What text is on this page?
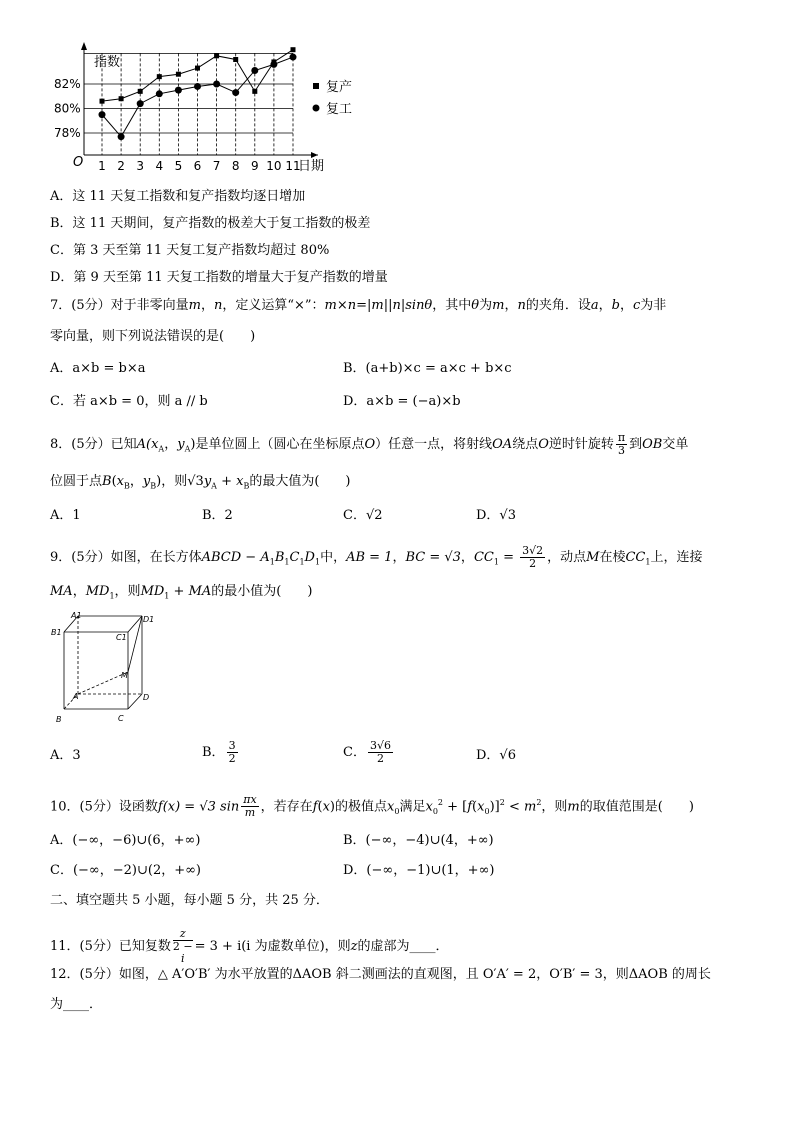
指数
O	日期
82%
80%
78%
1 2 3 4 5 6 7 8 9 10 11
复产
复工
A．这 11 天复工指数和复产指数均逐日增加
B．这 11 天期间，复产指数的极差大于复工指数的极差
C．第 3 天至第 11 天复工复产指数均超过 80%
D．第 9 天至第 11 天复工指数的增量大于复产指数的增量
7．(5分）对于非零向量m，n，定义运算“×”：m×n=|m||n|sinθ，其中θ为m，n的夹角．设a，b，c为非
零向量，则下列说法错误的是(　　)
A．a×b = b×a	B．(a+b)×c = a×c + b×c
C．若 a×b = 0，则 a // b	D．a×b = (−a)×b
8．(5分）已知$A(x_A$，$y_A$)是单位圆上（圆心在坐标原点O）任意一点，将射线OA绕点O逆时针旋转 $\frac{\pi}{3}$ 到OB交单
位圆于点$B(x_B$，$y_B$)，则$√3y_A + x_B$的最大值为(　　)
A．1	B．2	C．√2	D．√3
9．(5分）如图，在长方体ABCD − $A_1B_1C_1D_1$中，AB = 1，BC = √3，$CC_1 = \frac{3√2}{2}$ ，动点M在棱$CC_1$上，连接
MA，$MD_1$，则$MD_1$ + MA的最小值为(　　)
A1
B1
C1
D1
A
B	C
D
M
A．3	B． $\frac{3}{2}$	C． $\frac{3√6}{2}$	D．√6
10．(5分）设函数f(x) = √3 $\sin \frac{\pi x}{m}$ ，若存在f(x)的极值点$x_0$满足$x_0^2 + [f(x_0)]^2 < m^2$，则m的取值范围是(　　)
A．(−∞，−6)∪(6，+∞)	B．(−∞，−4)∪(4，+∞)
C．(−∞，−2)∪(2，+∞)	D．(−∞，−1)∪(1，+∞)
二、填空题共 5 小题，每小题 5 分，共 25 分．
11．(5分）已知复数 z
2 −
i = 3 + i(i 为虚数单位)，则z的虚部为____．
12．(5分）如图，△ A′O′B′ 为水平放置的ΔAOB 斜二测画法的直观图，且 O′A′ = 2，O′B′ = 3，则ΔAOB 的周长
为____．
